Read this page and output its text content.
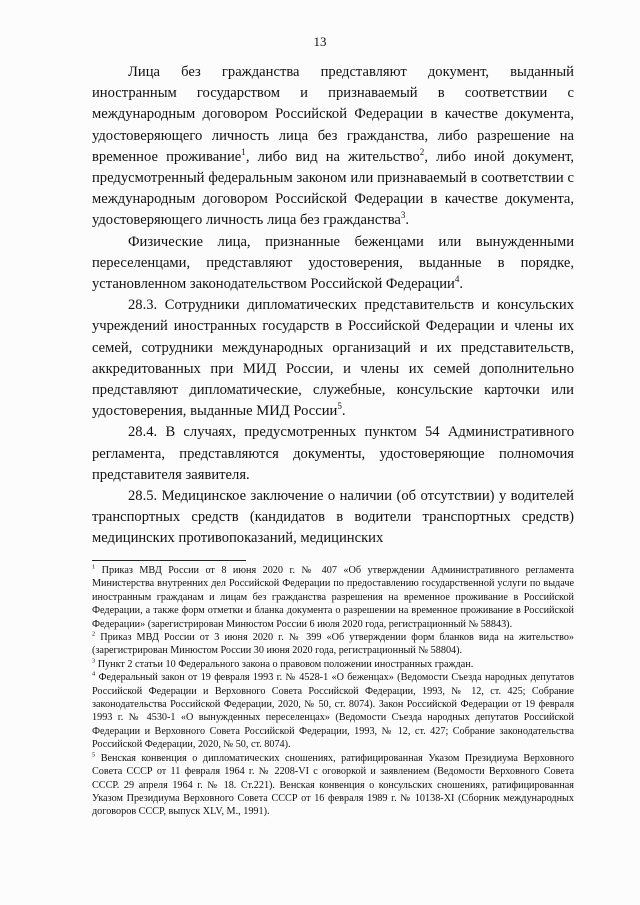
13

Лица без гражданства представляют документ, выданный иностранным государством и признаваемый в соответствии с международным договором Российской Федерации в качестве документа, удостоверяющего личность лица без гражданства, либо разрешение на временное проживание$^1$, либо вид на жительство$^2$, либо иной документ, предусмотренный федеральным законом или признаваемый в соответствии с международным договором Российской Федерации в качестве документа, удостоверяющего личность лица без гражданства$^3$.

Физические лица, признанные беженцами или вынужденными переселенцами, представляют удостоверения, выданные в порядке, установленном законодательством Российской Федерации$^4$.

28.3. Сотрудники дипломатических представительств и консульских учреждений иностранных государств в Российской Федерации и члены их семей, сотрудники международных организаций и их представительств, аккредитованных при МИД России, и члены их семей дополнительно представляют дипломатические, служебные, консульские карточки или удостоверения, выданные МИД России$^5$.

28.4. В случаях, предусмотренных пунктом 54 Административного регламента, представляются документы, удостоверяющие полномочия представителя заявителя.

28.5. Медицинское заключение о наличии (об отсутствии) у водителей транспортных средств (кандидатов в водители транспортных средств) медицинских противопоказаний, медицинских

$^1$ Приказ МВД России от 8 июня 2020 г. № 407 «Об утверждении Административного регламента Министерства внутренних дел Российской Федерации по предоставлению государственной услуги по выдаче иностранным гражданам и лицам без гражданства разрешения на временное проживание в Российской Федерации, а также форм отметки и бланка документа о разрешении на временное проживание в Российской Федерации» (зарегистрирован Минюстом России 6 июля 2020 года, регистрационный № 58843).

$^2$ Приказ МВД России от 3 июня 2020 г. № 399 «Об утверждении форм бланков вида на жительство» (зарегистрирован Минюстом России 30 июня 2020 года, регистрационный № 58804).

$^3$ Пункт 2 статьи 10 Федерального закона о правовом положении иностранных граждан.

$^4$ Федеральный закон от 19 февраля 1993 г. № 4528-1 «О беженцах» (Ведомости Съезда народных депутатов Российской Федерации и Верховного Совета Российской Федерации, 1993, № 12, ст. 425; Собрание законодательства Российской Федерации, 2020, № 50, ст. 8074). Закон Российской Федерации от 19 февраля 1993 г. № 4530-1 «О вынужденных переселенцах» (Ведомости Съезда народных депутатов Российской Федерации и Верховного Совета Российской Федерации, 1993, № 12, ст. 427; Собрание законодательства Российской Федерации, 2020, № 50, ст. 8074).

$^5$ Венская конвенция о дипломатических сношениях, ратифицированная Указом Президиума Верховного Совета СССР от 11 февраля 1964 г. № 2208-VI с оговоркой и заявлением (Ведомости Верховного Совета СССР. 29 апреля 1964 г. № 18. Ст.221). Венская конвенция о консульских сношениях, ратифицированная Указом Президиума Верховного Совета СССР от 16 февраля 1989 г. № 10138-XI (Сборник международных договоров СССР, выпуск XLV, М., 1991).
